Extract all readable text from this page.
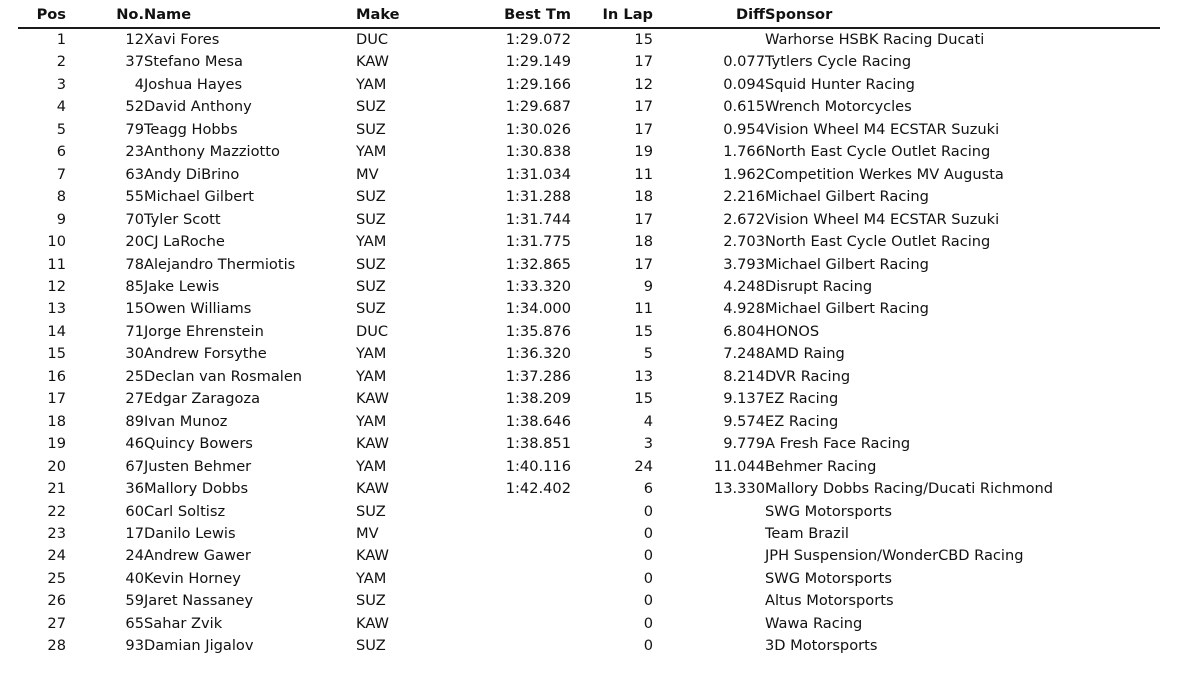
Pos	No.	Name	Make	Best Tm	In Lap	Diff	Sponsor
1	12	Xavi Fores	DUC	1:29.072	15		Warhorse HSBK Racing Ducati
2	37	Stefano Mesa	KAW	1:29.149	17	0.077	Tytlers Cycle Racing
3	4	Joshua Hayes	YAM	1:29.166	12	0.094	Squid Hunter Racing
4	52	David Anthony	SUZ	1:29.687	17	0.615	Wrench Motorcycles
5	79	Teagg Hobbs	SUZ	1:30.026	17	0.954	Vision Wheel M4 ECSTAR Suzuki
6	23	Anthony Mazziotto	YAM	1:30.838	19	1.766	North East Cycle Outlet Racing
7	63	Andy DiBrino	MV	1:31.034	11	1.962	Competition Werkes MV Augusta
8	55	Michael Gilbert	SUZ	1:31.288	18	2.216	Michael Gilbert Racing
9	70	Tyler Scott	SUZ	1:31.744	17	2.672	Vision Wheel M4 ECSTAR Suzuki
10	20	CJ LaRoche	YAM	1:31.775	18	2.703	North East Cycle Outlet Racing
11	78	Alejandro Thermiotis	SUZ	1:32.865	17	3.793	Michael Gilbert Racing
12	85	Jake Lewis	SUZ	1:33.320	9	4.248	Disrupt Racing
13	15	Owen Williams	SUZ	1:34.000	11	4.928	Michael Gilbert Racing
14	71	Jorge Ehrenstein	DUC	1:35.876	15	6.804	HONOS
15	30	Andrew Forsythe	YAM	1:36.320	5	7.248	AMD Raing
16	25	Declan van Rosmalen	YAM	1:37.286	13	8.214	DVR Racing
17	27	Edgar Zaragoza	KAW	1:38.209	15	9.137	EZ Racing
18	89	Ivan Munoz	YAM	1:38.646	4	9.574	EZ Racing
19	46	Quincy Bowers	KAW	1:38.851	3	9.779	A Fresh Face Racing
20	67	Justen Behmer	YAM	1:40.116	24	11.044	Behmer Racing
21	36	Mallory Dobbs	KAW	1:42.402	6	13.330	Mallory Dobbs Racing/Ducati Richmond
22	60	Carl Soltisz	SUZ		0		SWG Motorsports
23	17	Danilo Lewis	MV		0		Team Brazil
24	24	Andrew Gawer	KAW		0		JPH Suspension/WonderCBD Racing
25	40	Kevin Horney	YAM		0		SWG Motorsports
26	59	Jaret Nassaney	SUZ		0		Altus Motorsports
27	65	Sahar Zvik	KAW		0		Wawa Racing
28	93	Damian Jigalov	SUZ		0		3D Motorsports
